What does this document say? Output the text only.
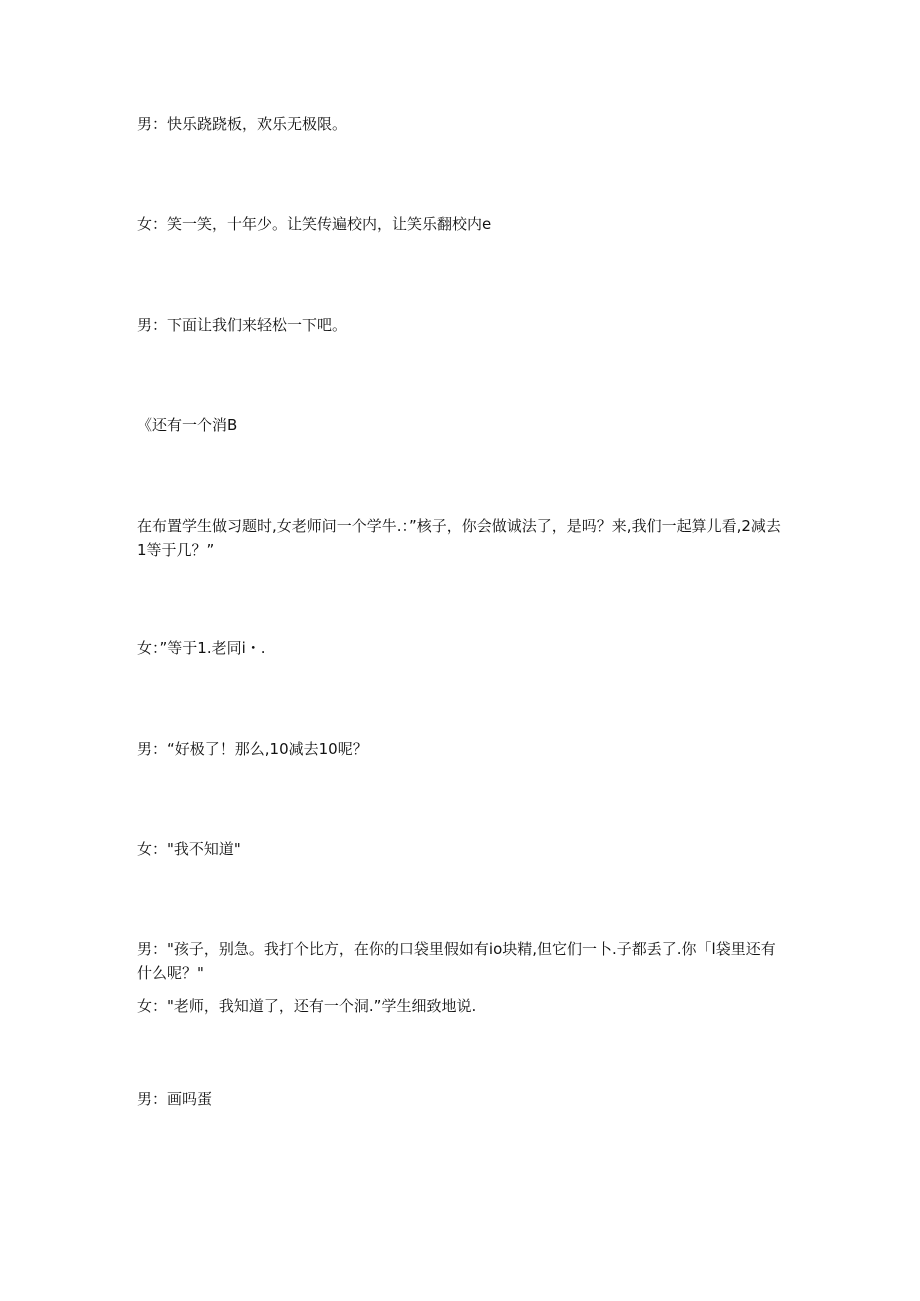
男：快乐跷跷板，欢乐无极限。

女：笑一笑，十年少。让笑传遍校内，让笑乐翻校内e

男：下面让我们来轻松一下吧。

《还有一个消B

在布置学生做习题时,女老师问一个学牛.：”核子，你会做诚法了，是吗？来,我们一起算儿看,2减去1等于几？”

女：”等于1.老同i・.

男：“好极了！那么,10减去10呢？

女："我不知道"

男："孩子，别急。我打个比方，在你的口袋里假如有io块精,但它们一卜.子都丢了.你「l袋里还有什么呢？"

女："老师，我知道了，还有一个洞.”学生细致地说.

男：画吗蛋
